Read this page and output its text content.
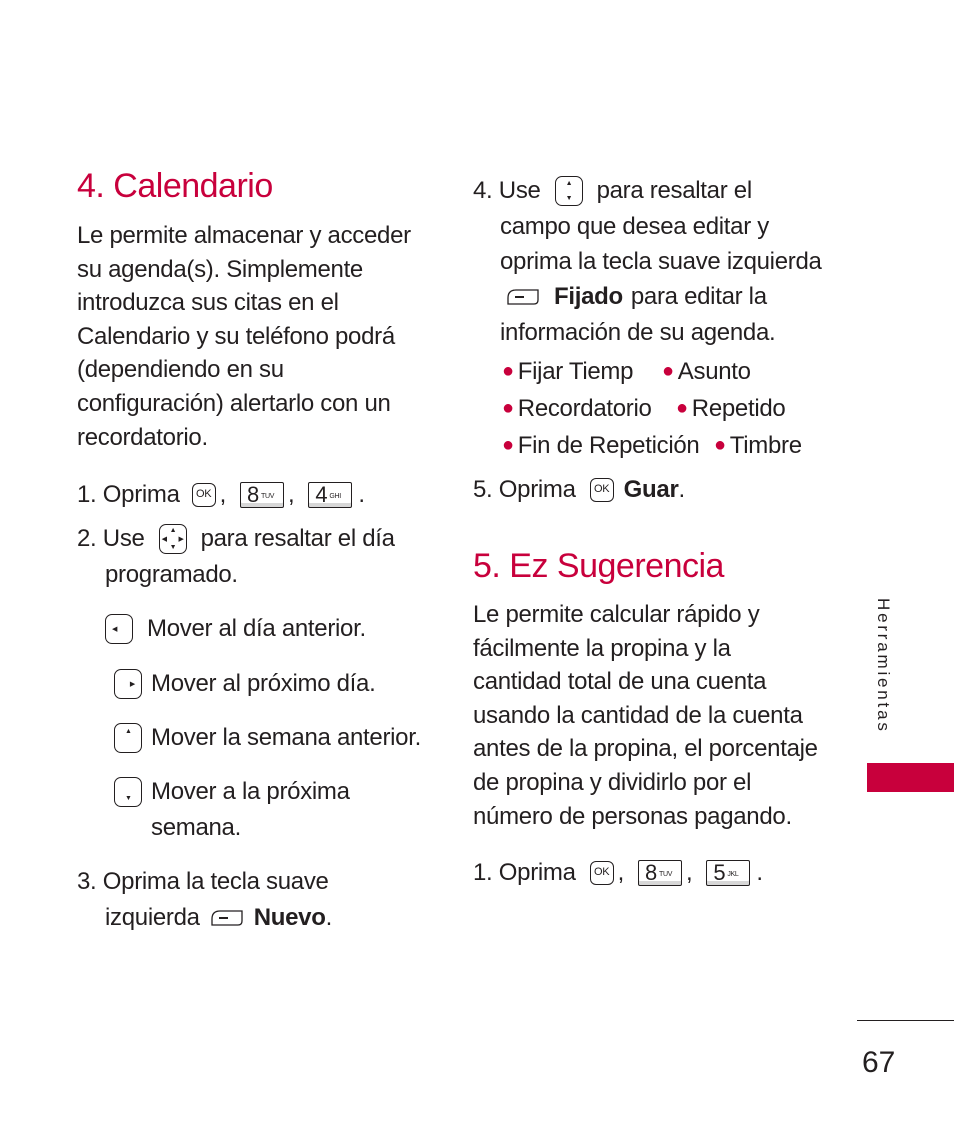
4. Calendario

Le permite almacenar y acceder su agenda(s). Simplemente introduzca sus citas en el Calendario y su teléfono podrá (dependiendo en su configuración) alertarlo con un recordatorio.

1. Oprima	OK , 8 TUV , 4 GHI .
2. Use	▲
▼
◀ ▶ para resaltar el día
programado.
◀ Mover al día anterior.
▶ Mover al próximo día.
▲ Mover la semana anterior.
▼ Mover a la próxima
semana.
3. Oprima la tecla suave
izquierda Nuevo .
4. Use	▲
▼ para resaltar el
campo que desea editar y
oprima la tecla suave izquierda
Fijado para editar la
información de su agenda.
● Fijar Tiemp ● Asunto
● Recordatorio ● Repetido
● Fin de Repetición ● Timbre
5. Oprima	OK Guar .
5. Ez Sugerencia

Le permite calcular rápido y fácilmente la propina y la cantidad total de una cuenta usando la cantidad de la cuenta antes de la propina, el porcentaje de propina y dividirlo por el número de personas pagando.

1. Oprima	OK , 8 TUV , 5 JKL .
Herramientas
67
